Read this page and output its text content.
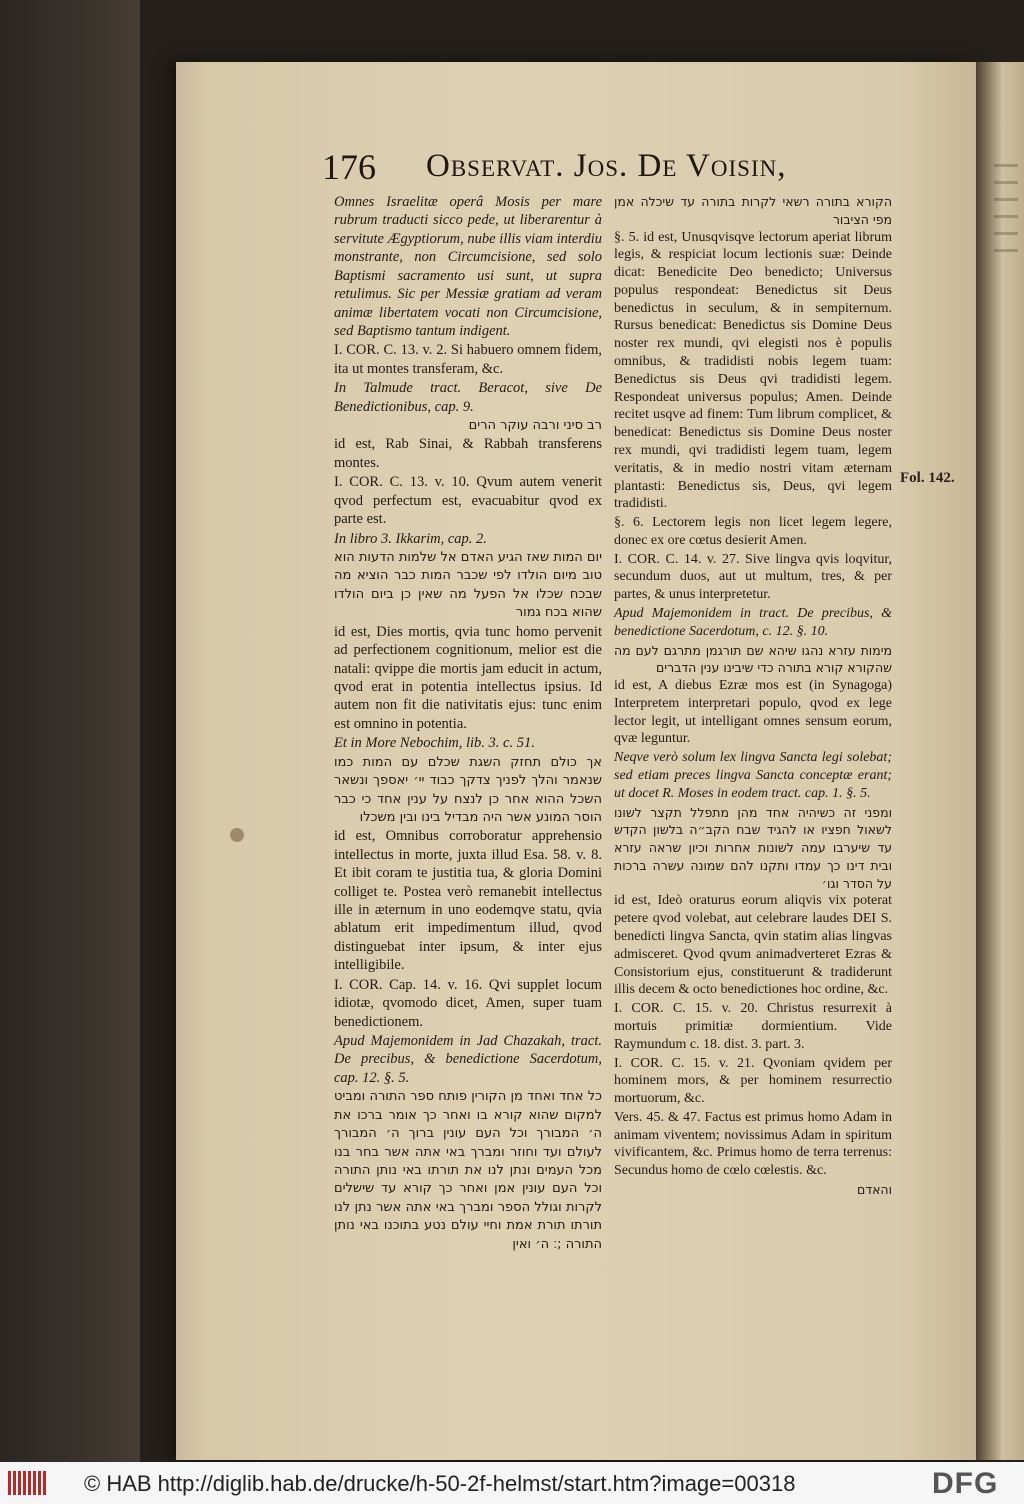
176 Observat. Jos. De Voisin,

Omnes Israelitæ operâ Mosis per mare rubrum traducti sicco pede, ut liberarentur à servitute Ægyptiorum, nube illis viam interdiu monstrante, non Circumcisione, sed solo Baptismi sacramento usi sunt, ut supra retulimus. Sic per Messiæ gratiam ad veram animæ libertatem vocati non Circumcisione, sed Baptismo tantum indigent.

I. COR. C. 13. v. 2. Si habuero omnem fidem, ita ut montes transferam, &c.

In Talmude tract. Beracot, sive De Benedictionibus, cap. 9.

רב סיני ורבה עוקר הרים

id est, Rab Sinai, & Rabbah transferens montes.

I. COR. C. 13. v. 10. Qvum autem venerit qvod perfectum est, evacuabitur qvod ex parte est.

In libro 3. Ikkarim, cap. 2.

יום המות שאז הגיע האדם אל שלמות הדעות הוא טוב מיום הולדו לפי שכבר המות כבר הוציא מה שבכח שכלו אל הפעל מה שאין כן ביום הולדו שהוא בכח גמור

id est, Dies mortis, qvia tunc homo pervenit ad perfectionem cognitionum, melior est die natali: qvippe die mortis jam educit in actum, qvod erat in potentia intellectus ipsius. Id autem non fit die nativitatis ejus: tunc enim est omnino in potentia.

Et in More Nebochim, lib. 3. c. 51.

אך כולם תחזק השגת שכלם עם המות כמו שנאמר והלך לפניך צדקך כבוד יי׳ יאספך ונשאר השכל ההוא אחר כן לנצח על ענין אחד כי כבר הוסר המונע אשר היה מבדיל בינו ובין משכלו

id est, Omnibus corroboratur apprehensio intellectus in morte, juxta illud Esa. 58. v. 8. Et ibit coram te justitia tua, & gloria Domini colliget te. Postea verò remanebit intellectus ille in æternum in uno eodemqve statu, qvia ablatum erit impedimentum illud, qvod distinguebat inter ipsum, & inter ejus intelligibile.

I. COR. Cap. 14. v. 16. Qvi supplet locum idiotæ, qvomodo dicet, Amen, super tuam benedictionem.

Apud Majemonidem in Jad Chazakah, tract. De precibus, & benedictione Sacerdotum, cap. 12. §. 5.

כל אחד ואחד מן הקורין פותח ספר התורה ומביט למקום שהוא קורא בו ואחר כך אומר ברכו את ה׳ המבורך וכל העם עונין ברוך ה׳ המבורך לעולם ועד וחוזר ומברך באי אתה אשר בחר בנו מכל העמים ונתן לנו את תורתו באי נותן התורה וכל העם עונין אמן ואחר כך קורא עד שישלים לקרות וגולל הספר ומברך באי אתה אשר נתן לנו תורתו תורת אמת וחיי עולם נטע בתוכנו באי נותן התורה ;׃ ה׳ ואין

הקורא בתורה רשאי לקרות בתורה עד שיכלה אמן מפי הציבור

§. 5. id est, Unusqvisqve lectorum aperiat librum legis, & respiciat locum lectionis suæ: Deinde dicat: Benedicite Deo benedicto; Universus populus respondeat: Benedictus sit Deus benedictus in seculum, & in sempiternum. Rursus benedicat: Benedictus sis Domine Deus noster rex mundi, qvi elegisti nos è populis omnibus, & tradidisti nobis legem tuam: Benedictus sis Deus qvi tradidisti legem. Respondeat universus populus; Amen. Deinde recitet usqve ad finem: Tum librum complicet, & benedicat: Benedictus sis Domine Deus noster rex mundi, qvi tradidisti legem tuam, legem veritatis, & in medio nostri vitam æternam plantasti: Benedictus sis, Deus, qvi legem tradidisti.

§. 6. Lectorem legis non licet legem legere, donec ex ore cœtus desierit Amen.

I. COR. C. 14. v. 27. Sive lingva qvis loqvitur, secundum duos, aut ut multum, tres, & per partes, & unus interpretetur.

Apud Majemonidem in tract. De precibus, & benedictione Sacerdotum, c. 12. §. 10.

מימות עזרא נהגו שיהא שם תורגמן מתרגם לעם מה שהקורא קורא בתורה כדי שיבינו ענין הדברים

id est, A diebus Ezræ mos est (in Synagoga) Interpretem interpretari populo, qvod ex lege lector legit, ut intelligant omnes sensum eorum, qvæ leguntur.

Neqve verò solum lex lingva Sancta legi solebat; sed etiam preces lingva Sancta conceptæ erant; ut docet R. Moses in eodem tract. cap. 1. §. 5.

ומפני זה כשיהיה אחד מהן מתפלל תקצר לשונו לשאול חפציו או להגיד שבח הקב״ה בלשון הקדש עד שיערבו עמה לשונות אחרות וכיון שראה עזרא ובית דינו כך עמדו ותקנו להם שמונה עשרה ברכות על הסדר וגו׳

id est, Ideò oraturus eorum aliqvis vix poterat petere qvod volebat, aut celebrare laudes DEI S. benedicti lingva Sancta, qvin statim alias lingvas admisceret. Qvod qvum animadverteret Ezras & Consistorium ejus, constituerunt & tradiderunt illis decem & octo benedictiones hoc ordine, &c.

I. COR. C. 15. v. 20. Christus resurrexit à mortuis primitiæ dormientium. Vide Raymundum c. 18. dist. 3. part. 3.

I. COR. C. 15. v. 21. Qvoniam qvidem per hominem mors, & per hominem resurrectio mortuorum, &c.

Vers. 45. & 47. Factus est primus homo Adam in animam viventem; novissimus Adam in spiritum vivificantem, &c. Primus homo de terra terrenus: Secundus homo de cœlo cœlestis. &c.

והאדם

Fol. 142.
© HAB http://diglib.hab.de/drucke/h-50-2f-helmst/start.htm?image=00318	DFG
